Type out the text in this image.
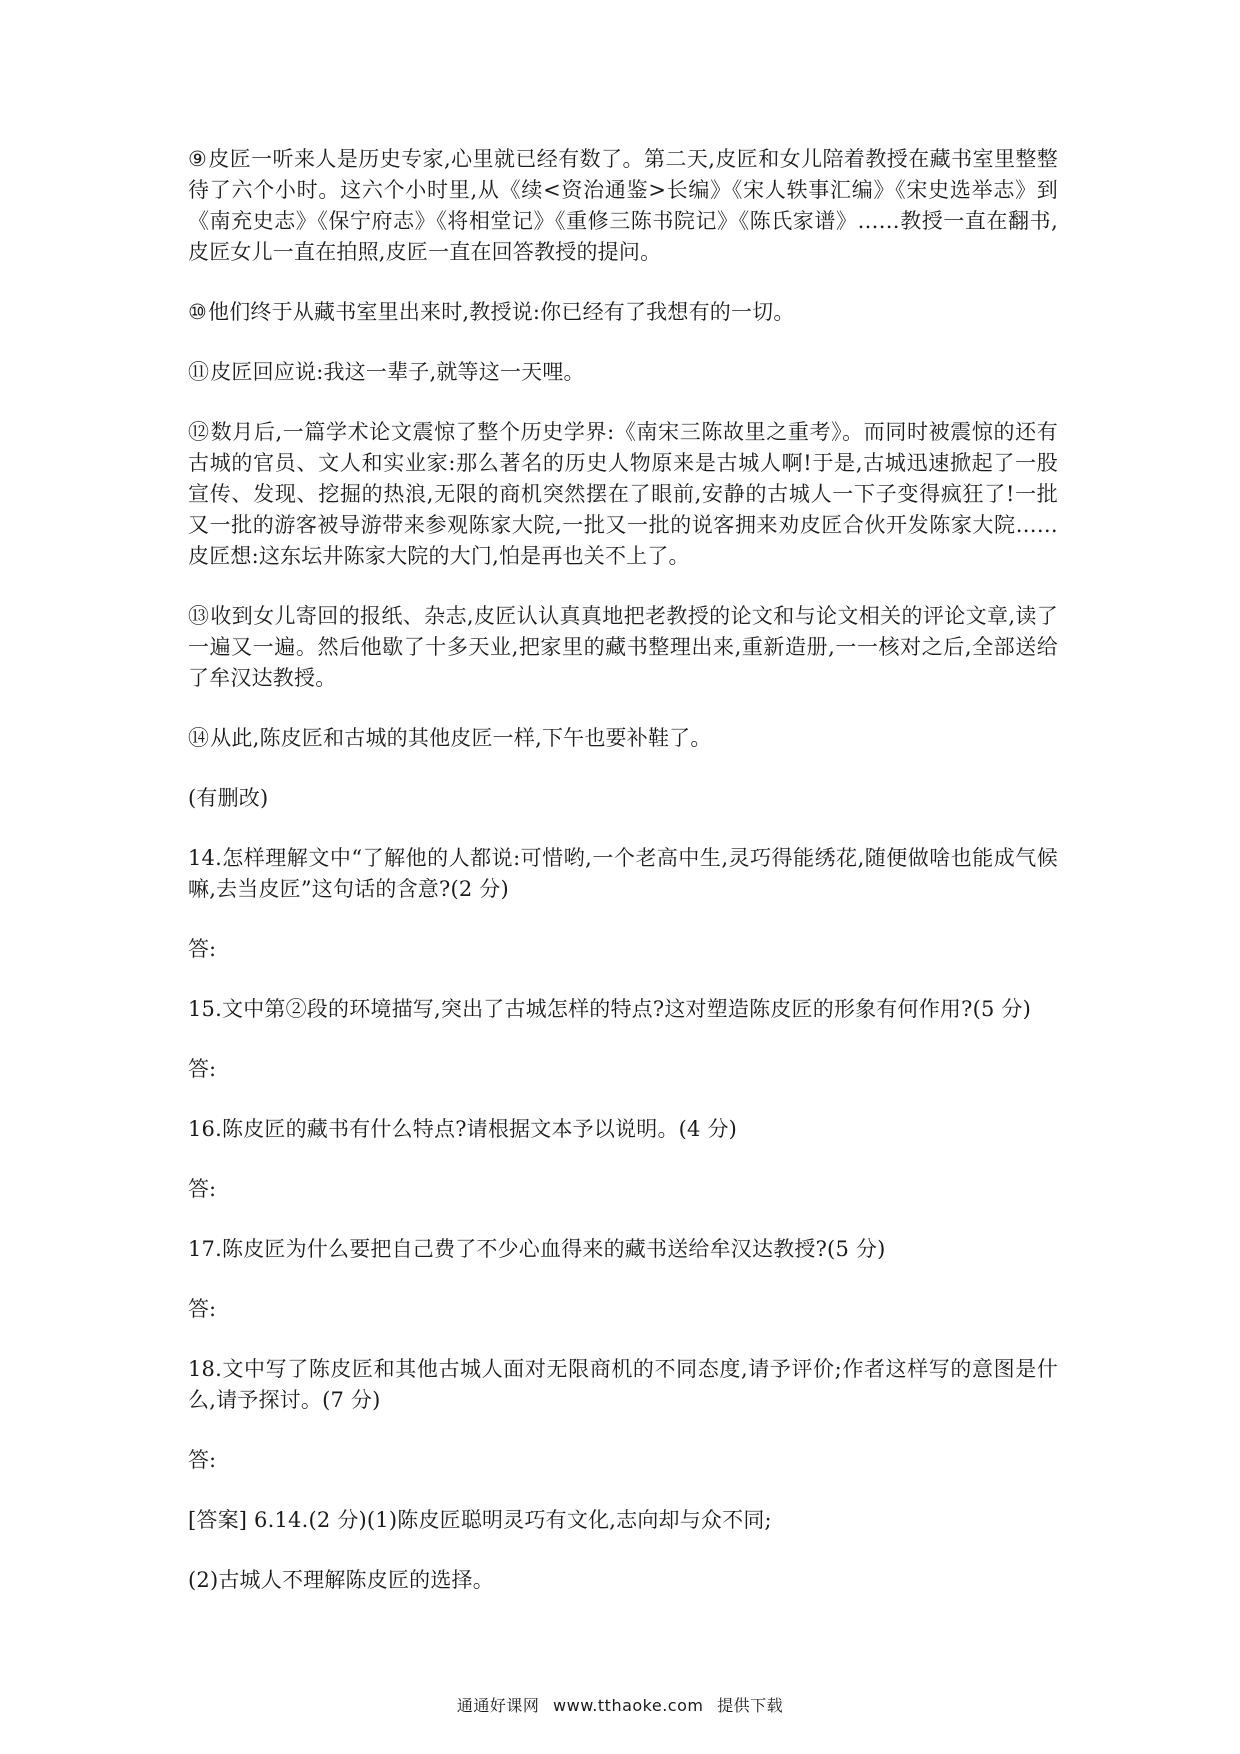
⑨皮匠一听来人是历史专家,心里就已经有数了。第二天,皮匠和女儿陪着教授在藏书室里整整待了六个小时。这六个小时里,从《续<资治通鉴>长编》《宋人轶事汇编》《宋史选举志》到《南充史志》《保宁府志》《将相堂记》《重修三陈书院记》《陈氏家谱》……教授一直在翻书,皮匠女儿一直在拍照,皮匠一直在回答教授的提问。

⑩他们终于从藏书室里出来时,教授说:你已经有了我想有的一切。

⑪皮匠回应说:我这一辈子,就等这一天哩。

⑫数月后,一篇学术论文震惊了整个历史学界:《南宋三陈故里之重考》。而同时被震惊的还有古城的官员、文人和实业家:那么著名的历史人物原来是古城人啊!于是,古城迅速掀起了一股宣传、发现、挖掘的热浪,无限的商机突然摆在了眼前,安静的古城人一下子变得疯狂了!一批又一批的游客被导游带来参观陈家大院,一批又一批的说客拥来劝皮匠合伙开发陈家大院……皮匠想:这东坛井陈家大院的大门,怕是再也关不上了。

⑬收到女儿寄回的报纸、杂志,皮匠认认真真地把老教授的论文和与论文相关的评论文章,读了一遍又一遍。然后他歇了十多天业,把家里的藏书整理出来,重新造册,一一核对之后,全部送给了牟汉达教授。

⑭从此,陈皮匠和古城的其他皮匠一样,下午也要补鞋了。

(有删改)

14.怎样理解文中“了解他的人都说:可惜哟,一个老高中生,灵巧得能绣花,随便做啥也能成气候嘛,去当皮匠”这句话的含意?(2 分)

答:

15.文中第②段的环境描写,突出了古城怎样的特点?这对塑造陈皮匠的形象有何作用?(5 分)

答:

16.陈皮匠的藏书有什么特点?请根据文本予以说明。(4 分)

答:

17.陈皮匠为什么要把自己费了不少心血得来的藏书送给牟汉达教授?(5 分)

答:

18.文中写了陈皮匠和其他古城人面对无限商机的不同态度,请予评价;作者这样写的意图是什么,请予探讨。(7 分)

答:

[答案] 6.14.(2 分)(1)陈皮匠聪明灵巧有文化,志向却与众不同;

(2)古城人不理解陈皮匠的选择。

通通好课网 www.tthaoke.com 提供下载
